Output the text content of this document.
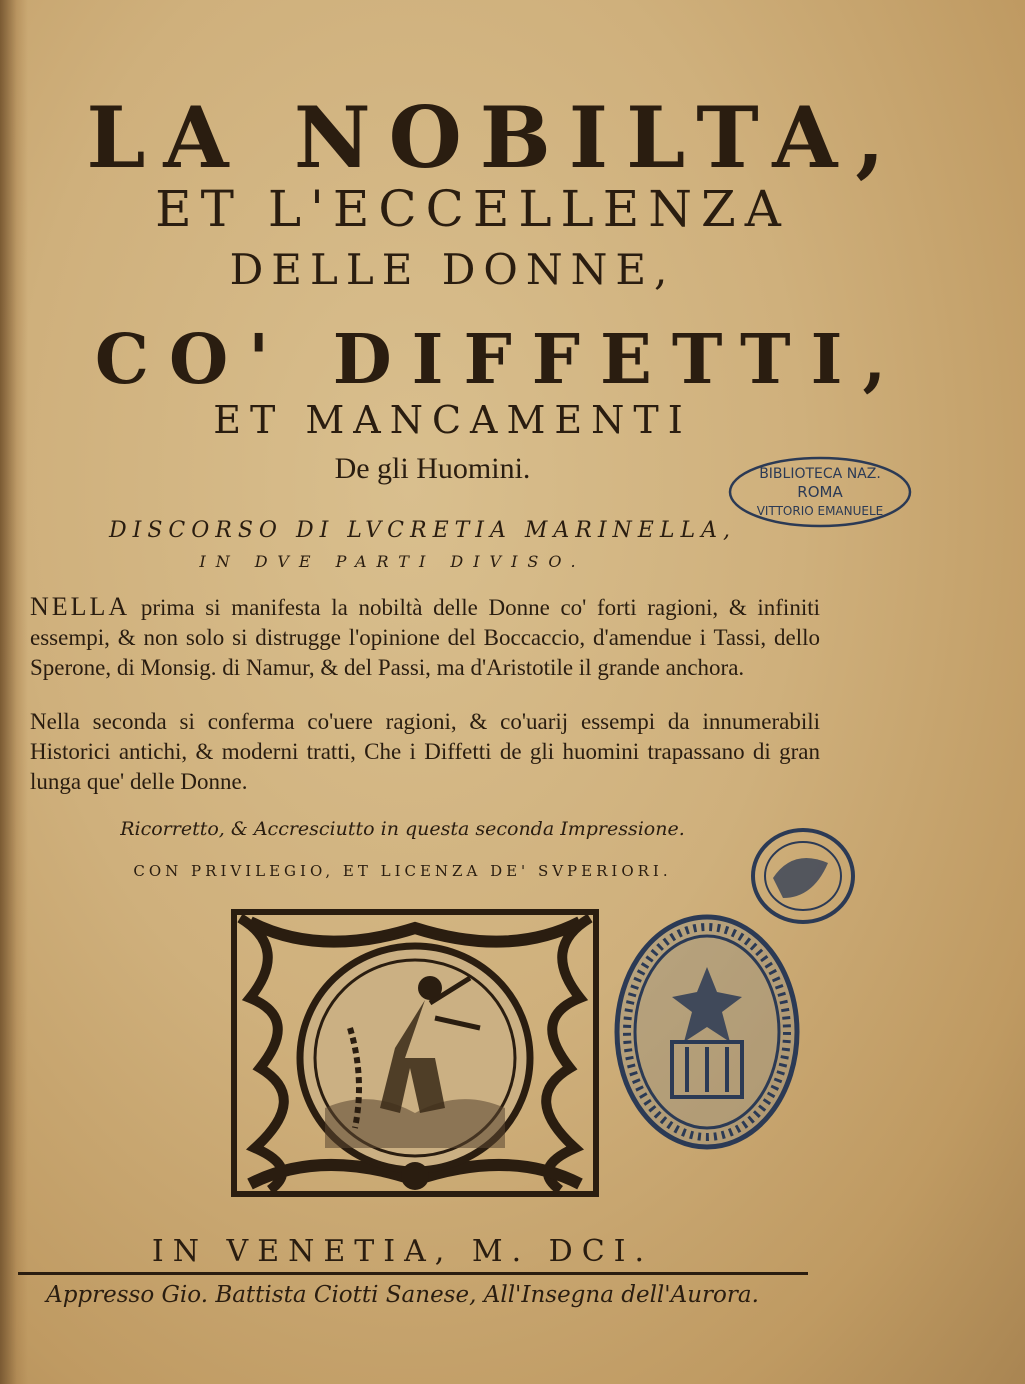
LA NOBILTA,
ET L'ECCELLENZA
DELLE DONNE,
CO' DIFFETTI,
ET MANCAMENTI
De gli Huomini.	BIBLIOTECA NAZ.
ROMA
VITTORIO EMANUELE
DISCORSO DI LVCRETIA MARINELLA,
IN DVE PARTI DIVISO.
NELLA prima si manifesta la nobiltà delle Donne co' forti ragioni, & infiniti essempi, & non solo si distrugge l'opinione del Boccaccio, d'amendue i Tassi, dello Sperone, di Monsig. di Namur, & del Passi, ma d'Aristotile il grande anchora.
Nella seconda si conferma co'uere ragioni, & co'uarij essempi da innumerabili Historici antichi, & moderni tratti, Che i Diffetti de gli huomini trapassano di gran lunga que' delle Donne.
Ricorretto, & Accresciutto in questa seconda Impressione.
CON PRIVILEGIO, ET LICENZA DE' SVPERIORI.
IN VENETIA, M. DCI.
Appresso Gio. Battista Ciotti Sanese, All'Insegna dell'Aurora.
